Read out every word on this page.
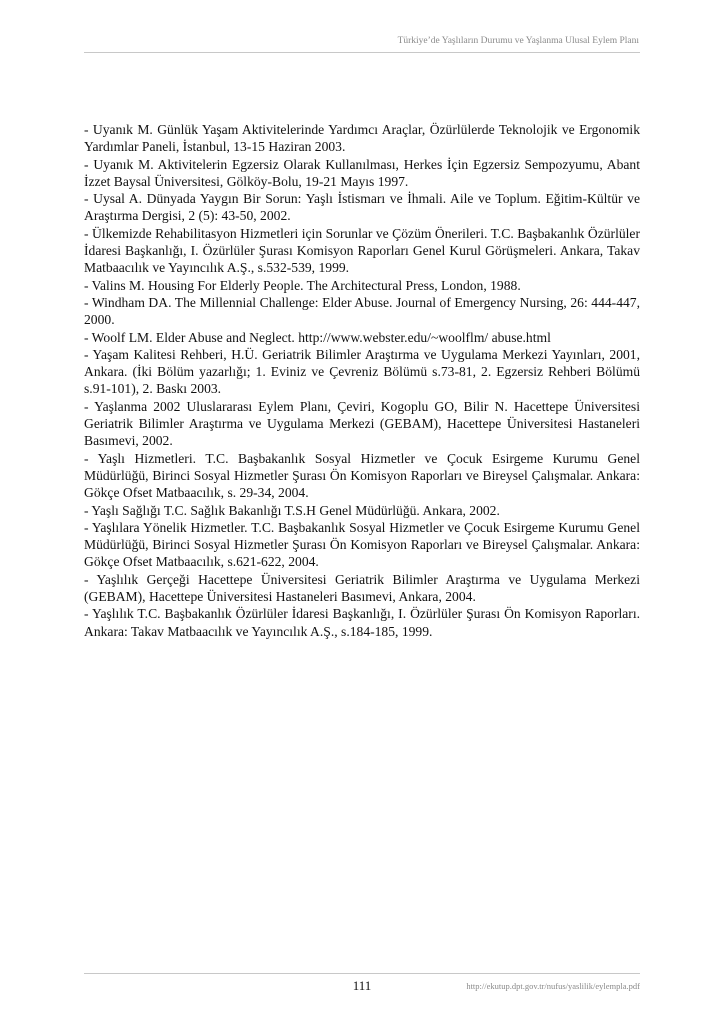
Türkiye’de Yaşlıların Durumu ve Yaşlanma Ulusal Eylem Planı
- Uyanık M. Günlük Yaşam Aktivitelerinde Yardımcı Araçlar, Özürlülerde Teknolojik ve Ergonomik Yardımlar Paneli, İstanbul, 13-15 Haziran 2003.
- Uyanık M. Aktivitelerin Egzersiz Olarak Kullanılması, Herkes İçin Egzersiz Sempozyumu, Abant İzzet Baysal Üniversitesi, Gölköy-Bolu, 19-21 Mayıs 1997.
- Uysal A. Dünyada Yaygın Bir Sorun: Yaşlı İstismarı ve İhmali. Aile ve Toplum. Eğitim-Kültür ve Araştırma Dergisi, 2 (5): 43-50, 2002.
- Ülkemizde Rehabilitasyon Hizmetleri için Sorunlar ve Çözüm Önerileri. T.C. Başbakanlık Özürlüler İdaresi Başkanlığı, I. Özürlüler Şurası Komisyon Raporları Genel Kurul Görüşmeleri. Ankara, Takav Matbaacılık ve Yayıncılık A.Ş., s.532-539, 1999.
- Valins M. Housing For Elderly People. The Architectural Press, London, 1988.
- Windham DA. The Millennial Challenge: Elder Abuse. Journal of Emergency Nursing, 26: 444-447, 2000.
- Woolf LM. Elder Abuse and Neglect. http://www.webster.edu/~woolflm/ abuse.html
- Yaşam Kalitesi Rehberi, H.Ü. Geriatrik Bilimler Araştırma ve Uygulama Merkezi Yayınları, 2001, Ankara. (İki Bölüm yazarlığı; 1. Eviniz ve Çevreniz Bölümü s.73-81, 2. Egzersiz Rehberi Bölümü s.91-101), 2. Baskı 2003.
- Yaşlanma 2002 Uluslararası Eylem Planı, Çeviri, Kogoplu GO, Bilir N. Hacettepe Üniversitesi Geriatrik Bilimler Araştırma ve Uygulama Merkezi (GEBAM), Hacettepe Üniversitesi Hastaneleri Basımevi, 2002.
- Yaşlı Hizmetleri. T.C. Başbakanlık Sosyal Hizmetler ve Çocuk Esirgeme Kurumu Genel Müdürlüğü, Birinci Sosyal Hizmetler Şurası Ön Komisyon Raporları ve Bireysel Çalışmalar. Ankara: Gökçe Ofset Matbaacılık, s. 29-34, 2004.
- Yaşlı Sağlığı T.C. Sağlık Bakanlığı T.S.H Genel Müdürlüğü. Ankara, 2002.
- Yaşlılara Yönelik Hizmetler. T.C. Başbakanlık Sosyal Hizmetler ve Çocuk Esirgeme Kurumu Genel Müdürlüğü, Birinci Sosyal Hizmetler Şurası Ön Komisyon Raporları ve Bireysel Çalışmalar. Ankara: Gökçe Ofset Matbaacılık, s.621-622, 2004.
- Yaşlılık Gerçeği Hacettepe Üniversitesi Geriatrik Bilimler Araştırma ve Uygulama Merkezi (GEBAM), Hacettepe Üniversitesi Hastaneleri Basımevi, Ankara, 2004.
- Yaşlılık T.C. Başbakanlık Özürlüler İdaresi Başkanlığı, I. Özürlüler Şurası Ön Komisyon Raporları. Ankara: Takav Matbaacılık ve Yayıncılık A.Ş., s.184-185, 1999.
111	http://ekutup.dpt.gov.tr/nufus/yaslilik/eylempla.pdf
